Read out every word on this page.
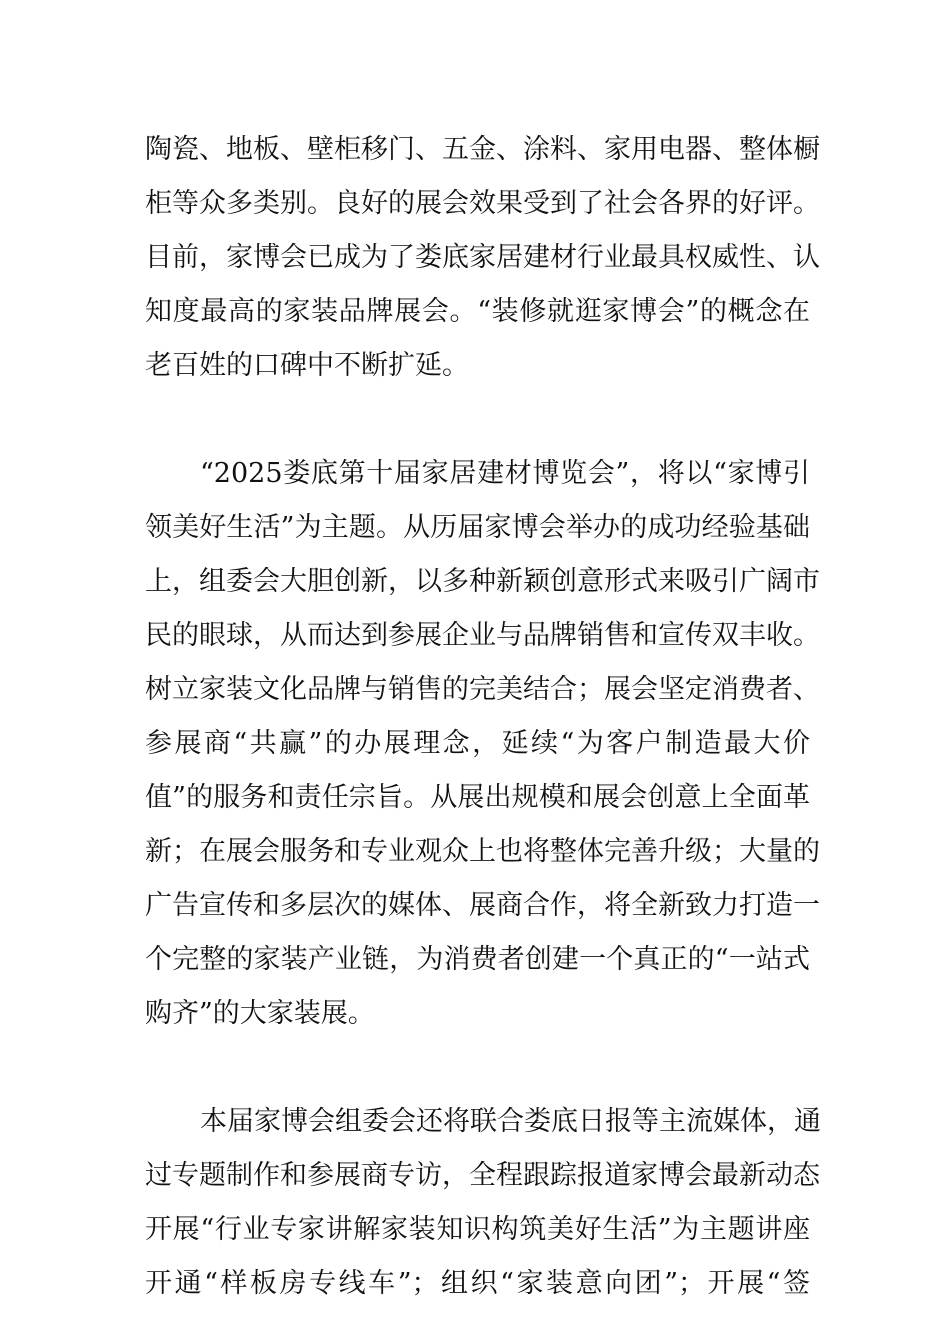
陶瓷、地板、壁柜移门、五金、涂料、家用电器、整体橱
柜等众多类别。良好的展会效果受到了社会各界的好评。
目前，家博会已成为了娄底家居建材行业最具权威性、认
知度最高的家装品牌展会。“装修就逛家博会”的概念在
老百姓的口碑中不断扩延。
“2025娄底第十届家居建材博览会”，将以“家博引
领美好生活”为主题。从历届家博会举办的成功经验基础
上，组委会大胆创新，以多种新颖创意形式来吸引广阔市
民的眼球，从而达到参展企业与品牌销售和宣传双丰收。
树立家装文化品牌与销售的完美结合；展会坚定消费者、
参展商“共赢”的办展理念，延续“为客户制造最大价
值”的服务和责任宗旨。从展出规模和展会创意上全面革
新；在展会服务和专业观众上也将整体完善升级；大量的
广告宣传和多层次的媒体、展商合作，将全新致力打造一
个完整的家装产业链，为消费者创建一个真正的“一站式
购齐”的大家装展。
本届家博会组委会还将联合娄底日报等主流媒体，通
过专题制作和参展商专访，全程跟踪报道家博会最新动态
开展“行业专家讲解家装知识构筑美好生活”为主题讲座
开通“样板房专线车”；组织“家装意向团”；开展“签
